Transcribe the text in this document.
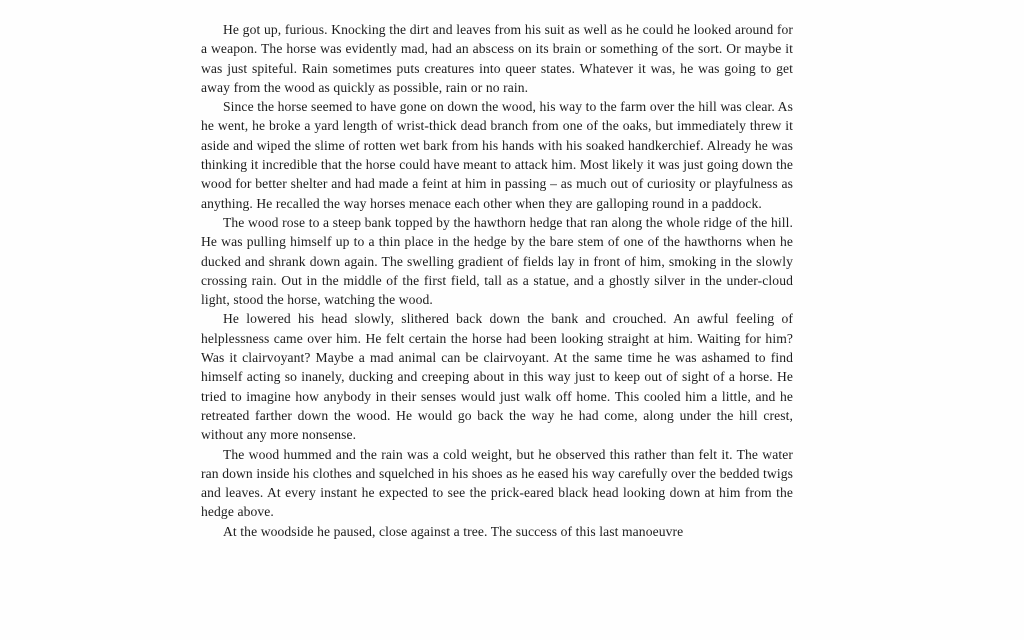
He got up, furious. Knocking the dirt and leaves from his suit as well as he could he looked around for a weapon. The horse was evidently mad, had an abscess on its brain or something of the sort. Or maybe it was just spiteful. Rain sometimes puts creatures into queer states. Whatever it was, he was going to get away from the wood as quickly as possible, rain or no rain.

Since the horse seemed to have gone on down the wood, his way to the farm over the hill was clear. As he went, he broke a yard length of wrist-thick dead branch from one of the oaks, but immediately threw it aside and wiped the slime of rotten wet bark from his hands with his soaked handkerchief. Already he was thinking it incredible that the horse could have meant to attack him. Most likely it was just going down the wood for better shelter and had made a feint at him in passing – as much out of curiosity or playfulness as anything. He recalled the way horses menace each other when they are galloping round in a paddock.

The wood rose to a steep bank topped by the hawthorn hedge that ran along the whole ridge of the hill. He was pulling himself up to a thin place in the hedge by the bare stem of one of the hawthorns when he ducked and shrank down again. The swelling gradient of fields lay in front of him, smoking in the slowly crossing rain. Out in the middle of the first field, tall as a statue, and a ghostly silver in the under-cloud light, stood the horse, watching the wood.

He lowered his head slowly, slithered back down the bank and crouched. An awful feeling of helplessness came over him. He felt certain the horse had been looking straight at him. Waiting for him? Was it clairvoyant? Maybe a mad animal can be clairvoyant. At the same time he was ashamed to find himself acting so inanely, ducking and creeping about in this way just to keep out of sight of a horse. He tried to imagine how anybody in their senses would just walk off home. This cooled him a little, and he retreated farther down the wood. He would go back the way he had come, along under the hill crest, without any more nonsense.

The wood hummed and the rain was a cold weight, but he observed this rather than felt it. The water ran down inside his clothes and squelched in his shoes as he eased his way carefully over the bedded twigs and leaves. At every instant he expected to see the prick-eared black head looking down at him from the hedge above.

At the woodside he paused, close against a tree. The success of this last manoeuvre
